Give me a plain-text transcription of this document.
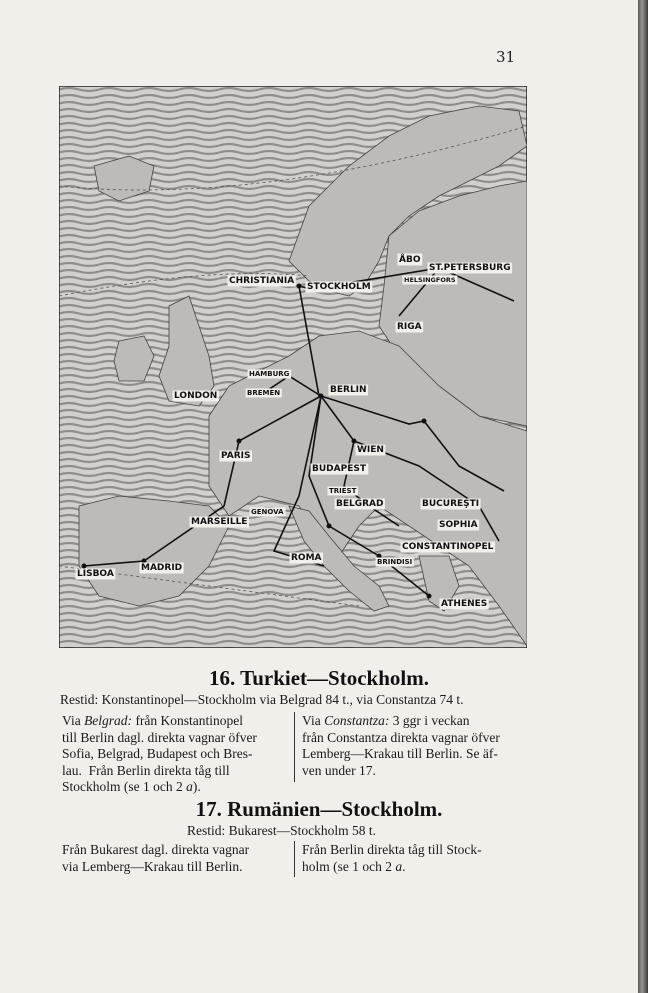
31
CHRISTIANIA
STOCKHOLM
ÅBO
ST.PETERSBURG
HELSINGFORS
RIGA
HAMBURG
BREMEN
LONDON
BERLIN
PARIS
WIEN
BUDAPEST
TRIEST
BELGRAD	BUCUREŞTI
SOPHIA
MARSEILLE
GENOVA
ROMA	BRINDISI
CONSTANTINOPEL
LISBOA
MADRID
ATHENES
16. Turkiet—Stockholm.
Restid: Konstantinopel—Stockholm via Belgrad 84 t., via Constantza 74 t.
Via Belgrad: från Konstantinopel
till Berlin dagl. direkta vagnar öfver
Sofia, Belgrad, Budapest och Bres-
lau.  Från Berlin direkta tåg till
Stockholm (se 1 och 2 a).
Via Constantza: 3 ggr i veckan
från Constantza direkta vagnar öfver
Lemberg—Krakau till Berlin. Se äf-
ven under 17.
17. Rumänien—Stockholm.
Restid: Bukarest—Stockholm 58 t.
Från Bukarest dagl. direkta vagnar
via Lemberg—Krakau till Berlin.
Från Berlin direkta tåg till Stock-
holm (se 1 och 2 a.
